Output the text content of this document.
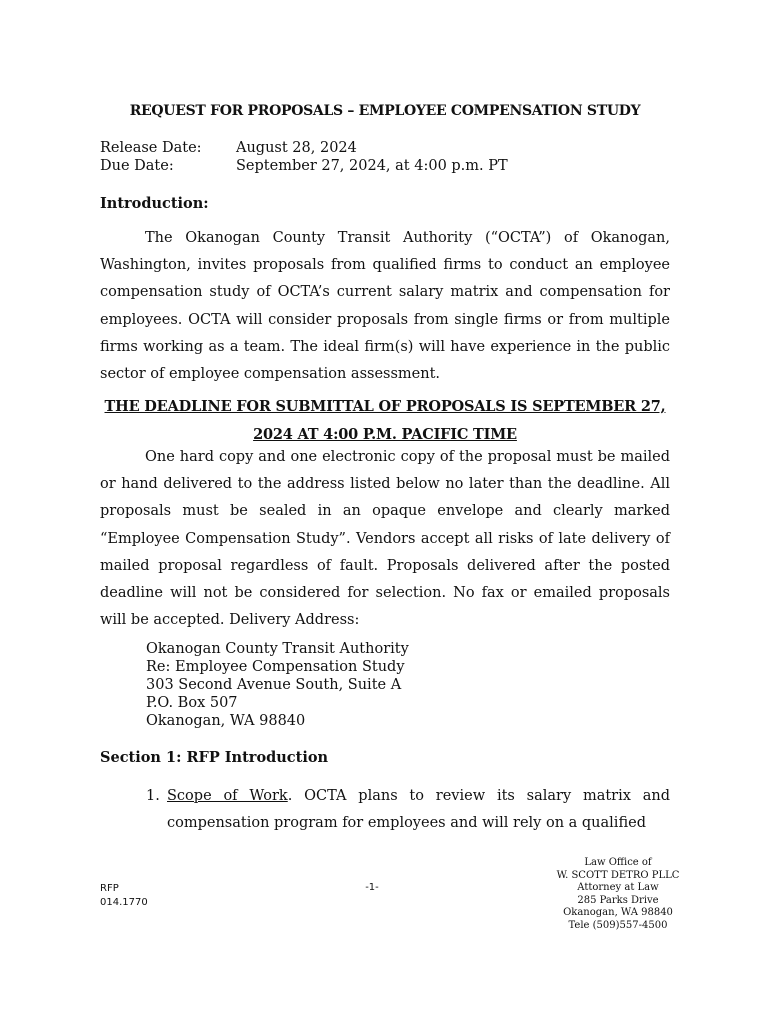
REQUEST FOR PROPOSALS – EMPLOYEE COMPENSATION STUDY
Release Date:	August 28, 2024
Due Date:	September 27, 2024, at 4:00 p.m. PT
Introduction:

The Okanogan County Transit Authority (“OCTA”) of Okanogan, Washington, invites proposals from qualified firms to conduct an employee compensation study of OCTA’s current salary matrix and compensation for employees. OCTA will consider proposals from single firms or from multiple firms working as a team. The ideal firm(s) will have experience in the public sector of employee compensation assessment.

THE DEADLINE FOR SUBMITTAL OF PROPOSALS IS SEPTEMBER 27,
2024 AT 4:00 P.M. PACIFIC TIME

One hard copy and one electronic copy of the proposal must be mailed or hand delivered to the address listed below no later than the deadline. All proposals must be sealed in an opaque envelope and clearly marked “Employee Compensation Study”. Vendors accept all risks of late delivery of mailed proposal regardless of fault. Proposals delivered after the posted deadline will not be considered for selection. No fax or emailed proposals will be accepted. Delivery Address:

Okanogan County Transit Authority
Re: Employee Compensation Study
303 Second Avenue South, Suite A
P.O. Box 507
Okanogan, WA 98840
Section 1: RFP Introduction
1. Scope of Work. OCTA plans to review its salary matrix and compensation program for employees and will rely on a qualified
RFP
014.1770
-1-
Law Office of
W. SCOTT DETRO PLLC
Attorney at Law
285 Parks Drive
Okanogan, WA 98840
Tele (509)557-4500
